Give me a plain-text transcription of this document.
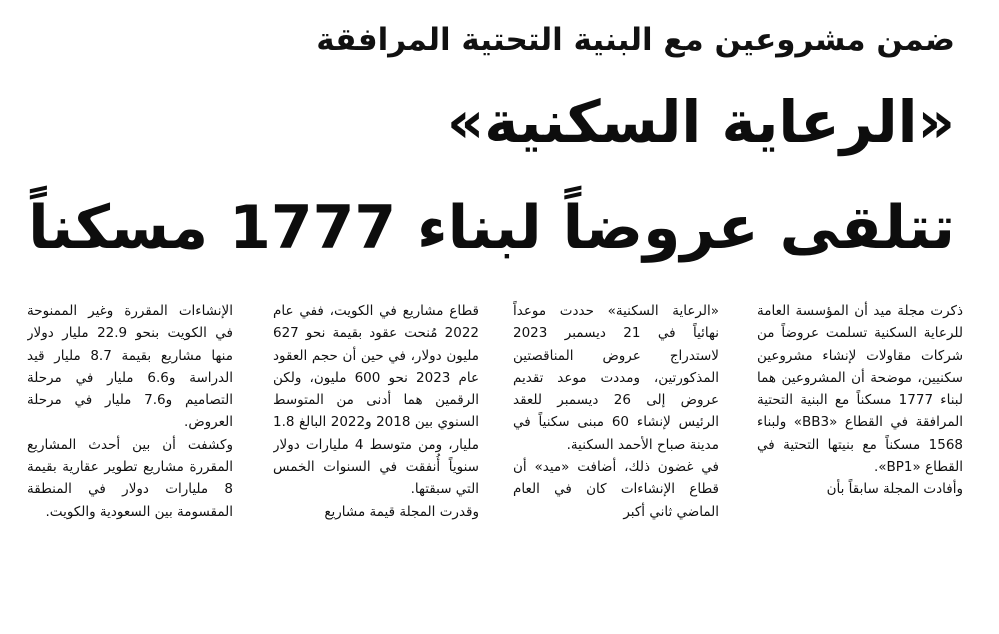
ضمن مشروعين مع البنية التحتية المرافقة
«الرعاية السكنية»
تتلقى عروضاً لبناء 1777 مسكناً

ذكرت مجلة ميد أن المؤسسة العامة للرعاية السكنية تسلمت عروضاً من شركات مقاولات لإنشاء مشروعين سكنيين، موضحة أن المشروعين هما لبناء 1777 مسكناً مع البنية التحتية المرافقة في القطاع «BB3» ولبناء 1568 مسكناً مع بنيتها التحتية في القطاع «BP1».

وأفادت المجلة سابقاً بأن

«الرعاية السكنية» حددت موعداً نهائياً في 21 ديسمبر 2023 لاستدراج عروض المناقصتين المذكورتين، ومددت موعد تقديم عروض إلى 26 ديسمبر للعقد الرئيس لإنشاء 60 مبنى سكنياً في مدينة صباح الأحمد السكنية.

في غضون ذلك، أضافت «ميد» أن قطاع الإنشاءات كان في العام الماضي ثاني أكبر

قطاع مشاريع في الكويت، ففي عام 2022 مُنحت عقود بقيمة نحو 627 مليون دولار، في حين أن حجم العقود عام 2023 نحو 600 مليون، ولكن الرقمين هما أدنى من المتوسط السنوي بين 2018 و2022 البالغ 1.8 مليار، ومن متوسط 4 مليارات دولار سنوياً أُنفقت في السنوات الخمس التي سبقتها.

وقدرت المجلة قيمة مشاريع

الإنشاءات المقررة وغير الممنوحة في الكويت بنحو 22.9 مليار دولار منها مشاريع بقيمة 8.7 مليار قيد الدراسة و6.6 مليار في مرحلة التصاميم و7.6 مليار في مرحلة العروض.

وكشفت أن بين أحدث المشاريع المقررة مشاريع تطوير عقارية بقيمة 8 مليارات دولار في المنطقة المقسومة بين السعودية والكويت.
